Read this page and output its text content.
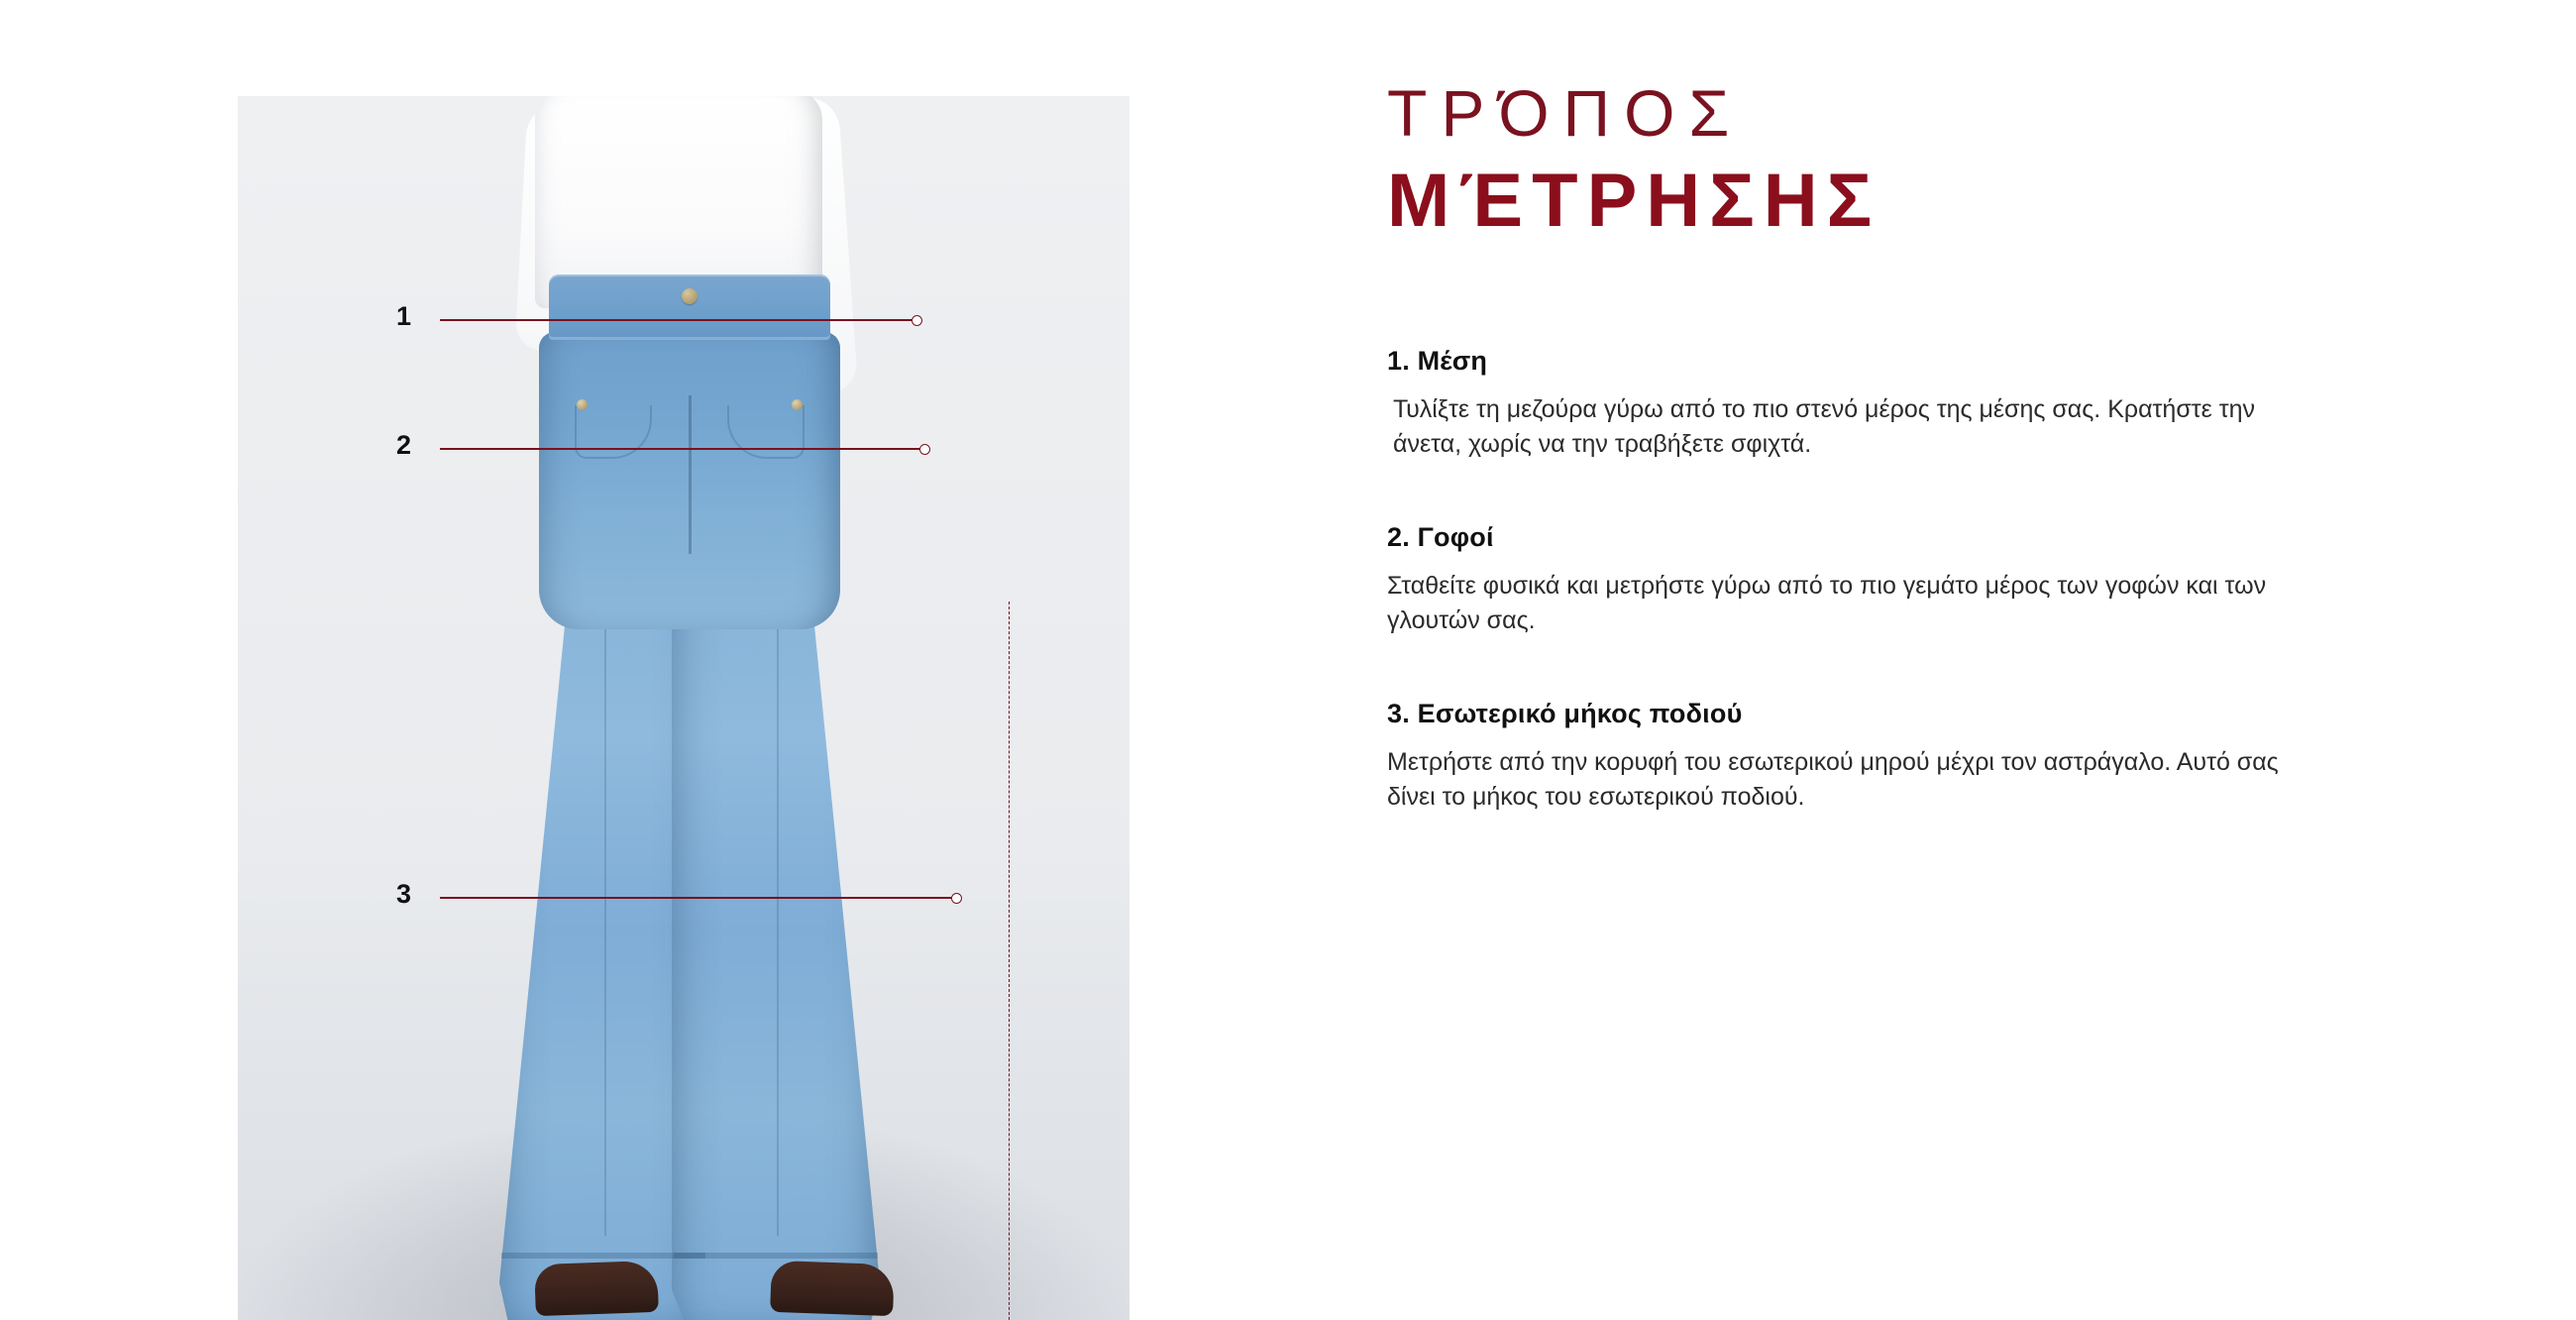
1
2
3
ΤΡΌΠΟΣ
ΜΈΤΡΗΣΗΣ
1. Μέση

Τυλίξτε τη μεζούρα γύρω από το πιο στενό μέρος της μέσης σας. Κρατήστε την άνετα, χωρίς να την τραβήξετε σφιχτά.

2. Γοφοί

Σταθείτε φυσικά και μετρήστε γύρω από το πιο γεμάτο μέρος των γοφών και των γλουτών σας.

3. Εσωτερικό μήκος ποδιού

Μετρήστε από την κορυφή του εσωτερικού μηρού μέχρι τον αστράγαλο. Αυτό σας δίνει το μήκος του εσωτερικού ποδιού.
